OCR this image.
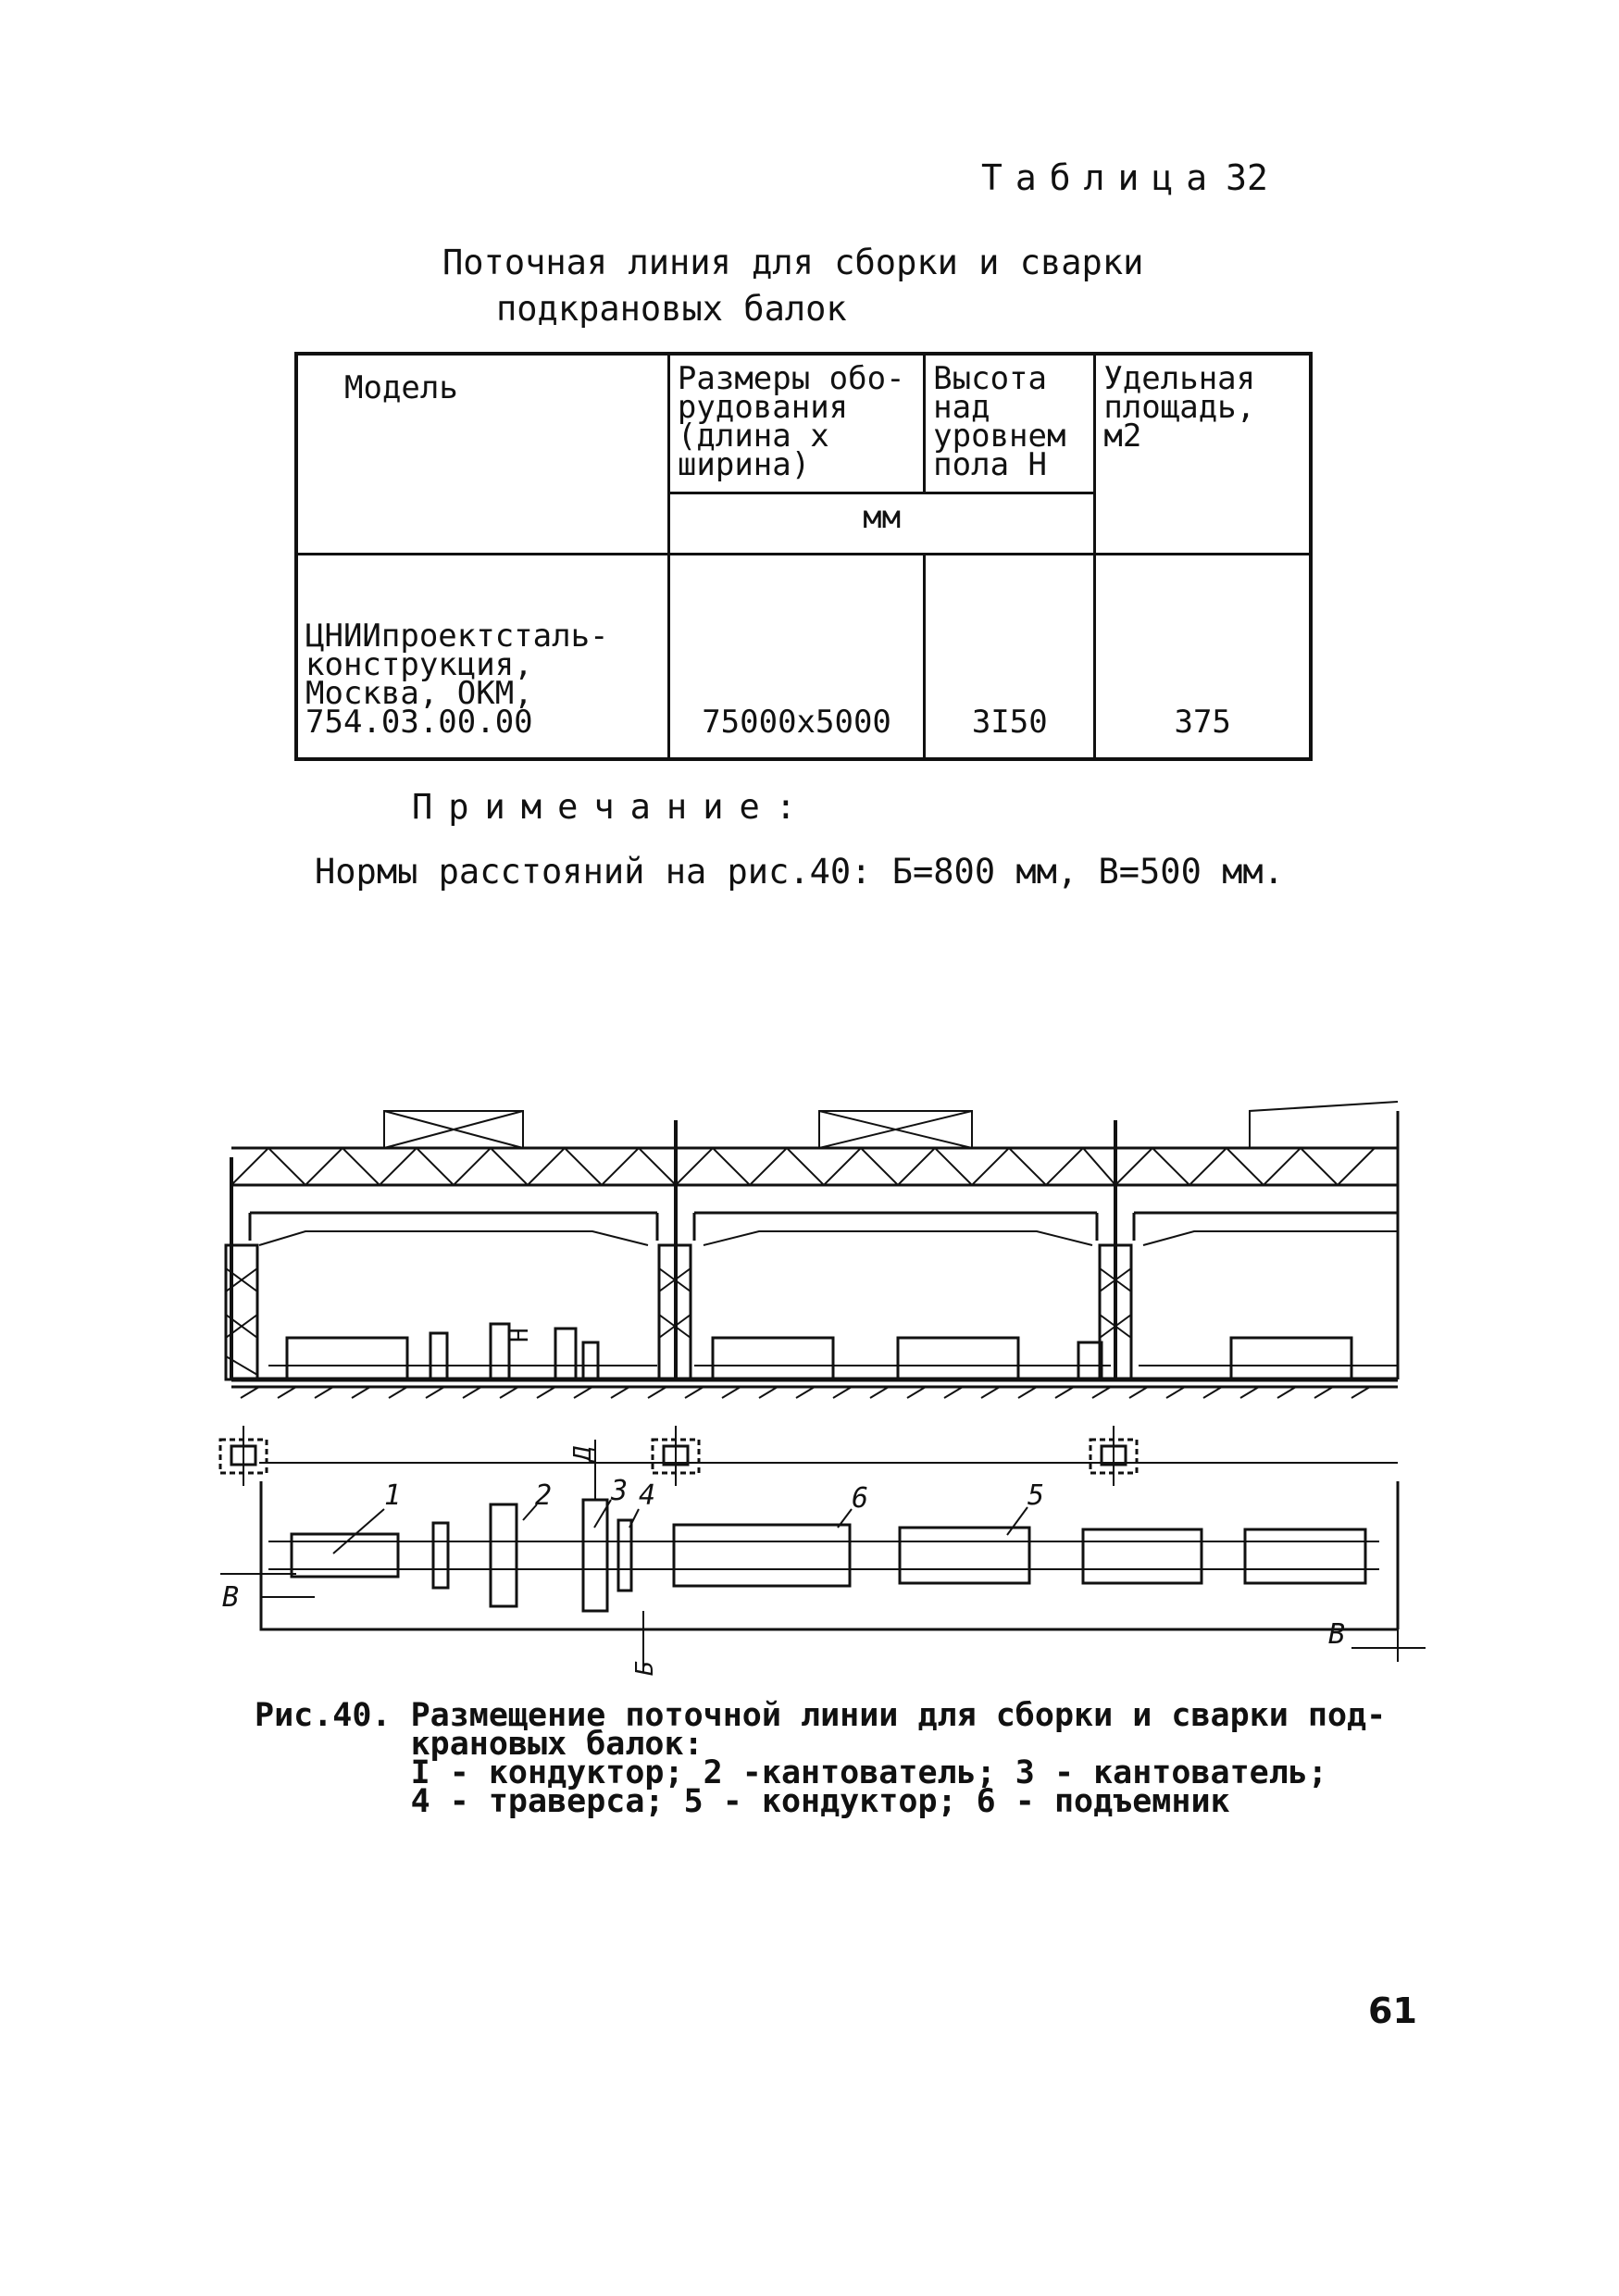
Таблица 32
Поточная линия для сборки и сварки
подкрановых балок
Модель	Размеры обо-рудования (длина х ширина)	Высота над уровнем пола Н	Удельная площадь, м2
	мм		
ЦНИИпроектсталь-конструкция, Москва, ОКМ, 754.03.00.00	75000х5000	3I50	375
Примечание:
Нормы расстояний на рис.40: Б=800 мм, В=500 мм.
H
1	2 3 4	6	5
В
В
Б
Д
Рис.40. Размещение поточной линии для сборки и сварки под-
крановых балок:
I - кондуктор; 2 -кантователь; 3 - кантователь;
4 - траверса; 5 - кондуктор; 6 - подъемник
61
